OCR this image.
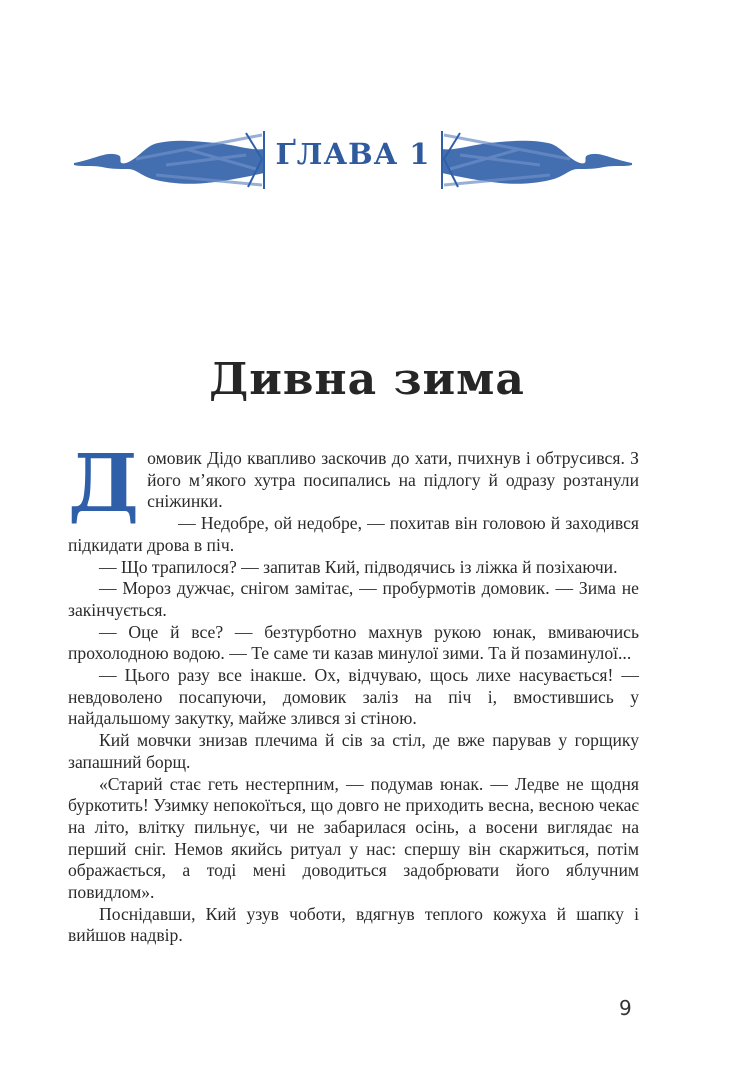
ҐЛАВА 1
Дивна зима

Домовик Дідо квапливо заскочив до хати, пчихнув і обтрусився. З його м’якого хутра посипались на підлогу й одразу розтанули сніжинки.

— Недобре, ой недобре, — похитав він головою й заходився підкидати дрова в піч.

— Що трапилося? — запитав Кий, підводячись із ліжка й позіхаючи.

— Мороз дужчає, снігом замітає, — пробурмотів домовик. — Зима не закінчується.

— Оце й все? — безтурботно махнув рукою юнак, вмиваючись прохолодною водою. — Те саме ти казав минулої зими. Та й позаминулої...

— Цього разу все інакше. Ох, відчуваю, щось лихе насувається! — невдоволено посапуючи, домовик заліз на піч і, вмостившись у найдальшому закутку, майже злився зі стіною.

Кий мовчки знизав плечима й сів за стіл, де вже парував у горщику запашний борщ.

«Старий стає геть нестерпним, — подумав юнак. — Ледве не щодня буркотить! Узимку непокоїться, що довго не приходить весна, весною чекає на літо, влітку пильнує, чи не забарилася осінь, а восени виглядає на перший сніг. Немов якийсь ритуал у нас: спершу він скаржиться, потім ображається, а тоді мені доводиться задобрювати його яблучним повидлом».

Поснідавши, Кий узув чоботи, вдягнув теплого кожуха й шапку і вийшов надвір.

9
